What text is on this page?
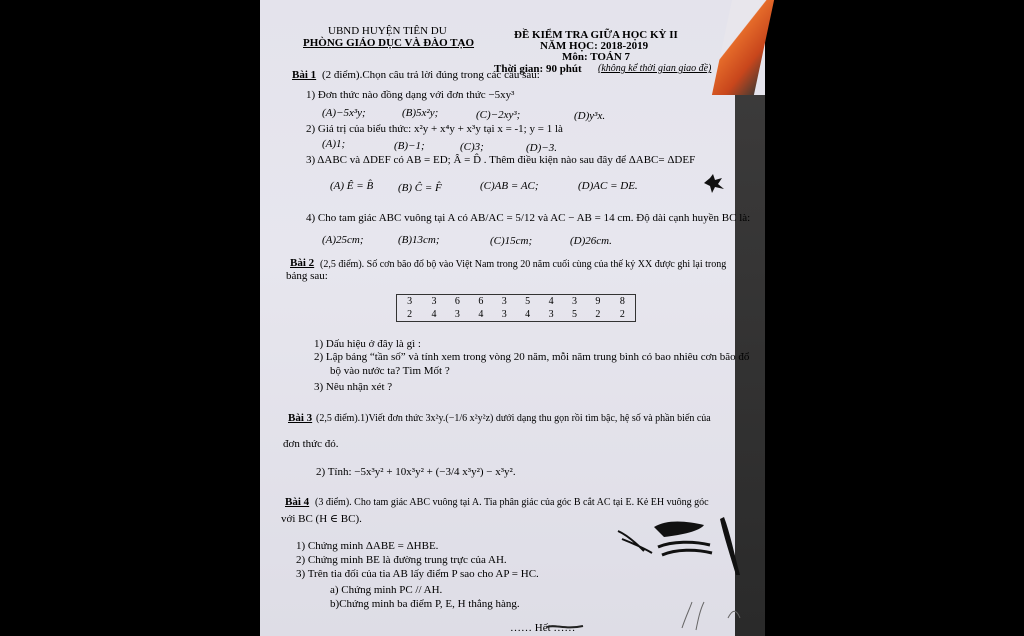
UBND HUYỆN TIÊN DU
PHÒNG GIÁO DỤC VÀ ĐÀO TẠO
ĐỀ KIỂM TRA GIỮA HỌC KỲ II
NĂM HỌC: 2018-2019
Môn: TOÁN 7
Thời gian: 90 phút (không kể thời gian giao đề)
Bài 1 (2 điểm).Chọn câu trả lời đúng trong các câu sau:
1) Đơn thức nào đồng dạng với đơn thức −5xy³
(A)−5x³y;	(B)5x²y;	(C)−2xy³;	(D)y³x.
2) Giá trị của biểu thức: x²y + x⁴y + x³y tại x = -1; y = 1 là
(A)1;	(B)−1;	(C)3;	(D)−3.
3) ΔABC và ΔDEF có AB = ED; Â = D̂ . Thêm điều kiện nào sau đây để ΔABC= ΔDEF
(A) Ê = B̂ (B) Ĉ = F̂	(C)AB = AC;	(D)AC = DE.
4) Cho tam giác ABC vuông tại A có AB/AC = 5/12 và AC − AB = 14 cm. Độ dài cạnh huyền BC là:
(A)25cm;	(B)13cm;	(C)15cm;	(D)26cm.
Bài 2 (2,5 điểm). Số cơn bão đổ bộ vào Việt Nam trong 20 năm cuối cùng của thế kỷ XX được ghi lại trong
bảng sau:
3	3	6	6	3	5	4	3	9	8
2	4	3	4	3	4	3	5	2	2
1) Dấu hiệu ở đây là gì :
2) Lập bảng “tần số” và tính xem trong vòng 20 năm, mỗi năm trung bình có bao nhiêu cơn bão đổ
bộ vào nước ta? Tìm Mốt ?
3) Nêu nhận xét ?
Bài 3 (2,5 điểm).1)Viết đơn thức 3x²y.(−1/6 x²y²z) dưới dạng thu gọn rồi tìm bậc, hệ số và phần biến của
đơn thức đó.
2) Tính: −5x³y² + 10x³y² + (−3/4 x³y²) − x³y².
Bài 4 (3 điểm). Cho tam giác ABC vuông tại A. Tia phân giác của góc B cắt AC tại E. Kẻ EH vuông góc
với BC (H ∈ BC).
1) Chứng minh ΔABE = ΔHBE.
2) Chứng minh BE là đường trung trực của AH.
3) Trên tia đối của tia AB lấy điểm P sao cho AP = HC.
a) Chứng minh PC // AH.
b)Chứng minh ba điểm P, E, H thẳng hàng.
…… Hết ……
